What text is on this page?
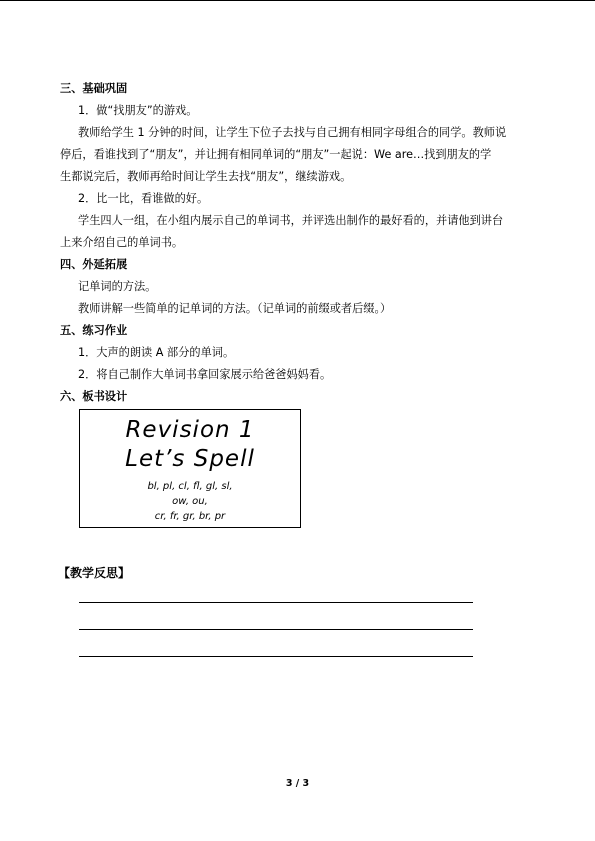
三、基础巩固
1．做“找朋友”的游戏。
教师给学生 1 分钟的时间，让学生下位子去找与自己拥有相同字母组合的同学。教师说
停后，看谁找到了“朋友”，并让拥有相同单词的“朋友”一起说：We are…找到朋友的学
生都说完后，教师再给时间让学生去找“朋友”，继续游戏。
2．比一比，看谁做的好。
学生四人一组，在小组内展示自己的单词书，并评选出制作的最好看的，并请他到讲台
上来介绍自己的单词书。
四、外延拓展
记单词的方法。
教师讲解一些简单的记单词的方法。（记单词的前缀或者后缀。）
五、练习作业
1．大声的朗读 A 部分的单词。
2．将自己制作大单词书拿回家展示给爸爸妈妈看。
六、板书设计
Revision 1
Let’s Spell
bl, pl, cl, fl, gl, sl,
ow, ou,
cr, fr, gr, br, pr
【教学反思】
3 / 3
